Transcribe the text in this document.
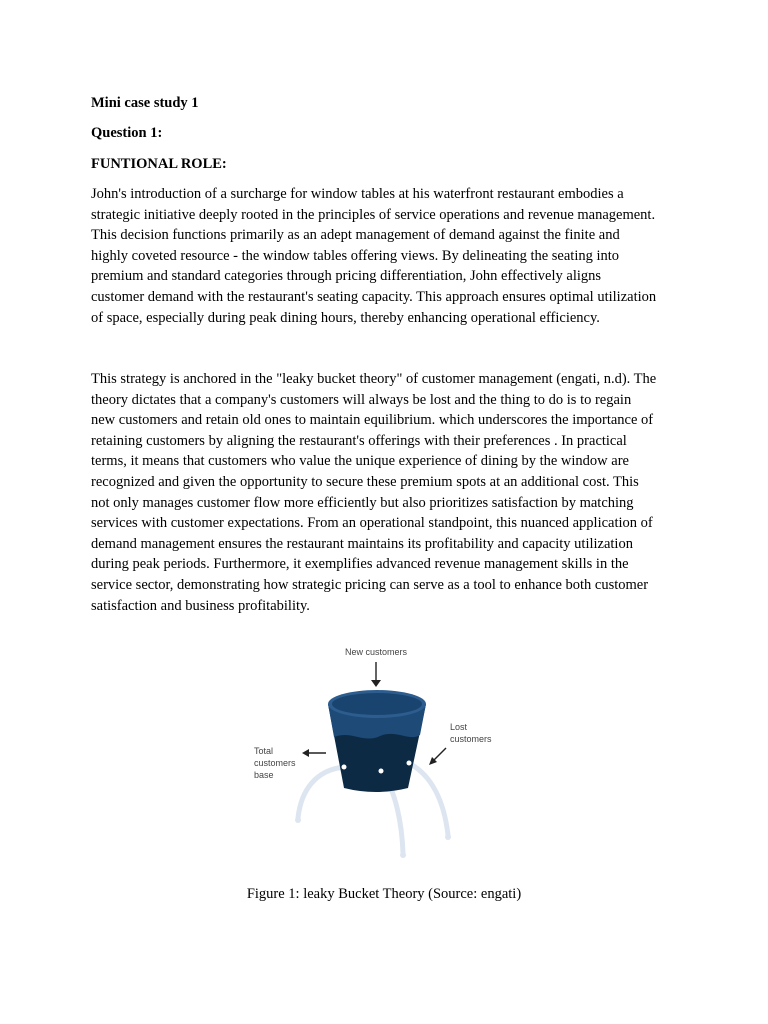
Mini case study 1

Question 1:

FUNTIONAL ROLE:

John's introduction of a surcharge for window tables at his waterfront restaurant embodies a
strategic initiative deeply rooted in the principles of service operations and revenue management.
This decision functions primarily as an adept management of demand against the finite and
highly coveted resource - the window tables offering views. By delineating the seating into
premium and standard categories through pricing differentiation, John effectively aligns
customer demand with the restaurant's seating capacity. This approach ensures optimal utilization
of space, especially during peak dining hours, thereby enhancing operational efficiency.
This strategy is anchored in the "leaky bucket theory" of customer management (engati, n.d). The
theory dictates that a company's customers will always be lost and the thing to do is to regain
new customers and retain old ones to maintain equilibrium. which underscores the importance of
retaining customers by aligning the restaurant's offerings with their preferences . In practical
terms, it means that customers who value the unique experience of dining by the window are
recognized and given the opportunity to secure these premium spots at an additional cost. This
not only manages customer flow more efficiently but also prioritizes satisfaction by matching
services with customer expectations. From an operational standpoint, this nuanced application of
demand management ensures the restaurant maintains its profitability and capacity utilization
during peak periods. Furthermore, it exemplifies advanced revenue management skills in the
service sector, demonstrating how strategic pricing can serve as a tool to enhance both customer
satisfaction and business profitability.
New customers
Total
customers
base
Lost
customers

Figure 1: leaky Bucket Theory (Source: engati)
